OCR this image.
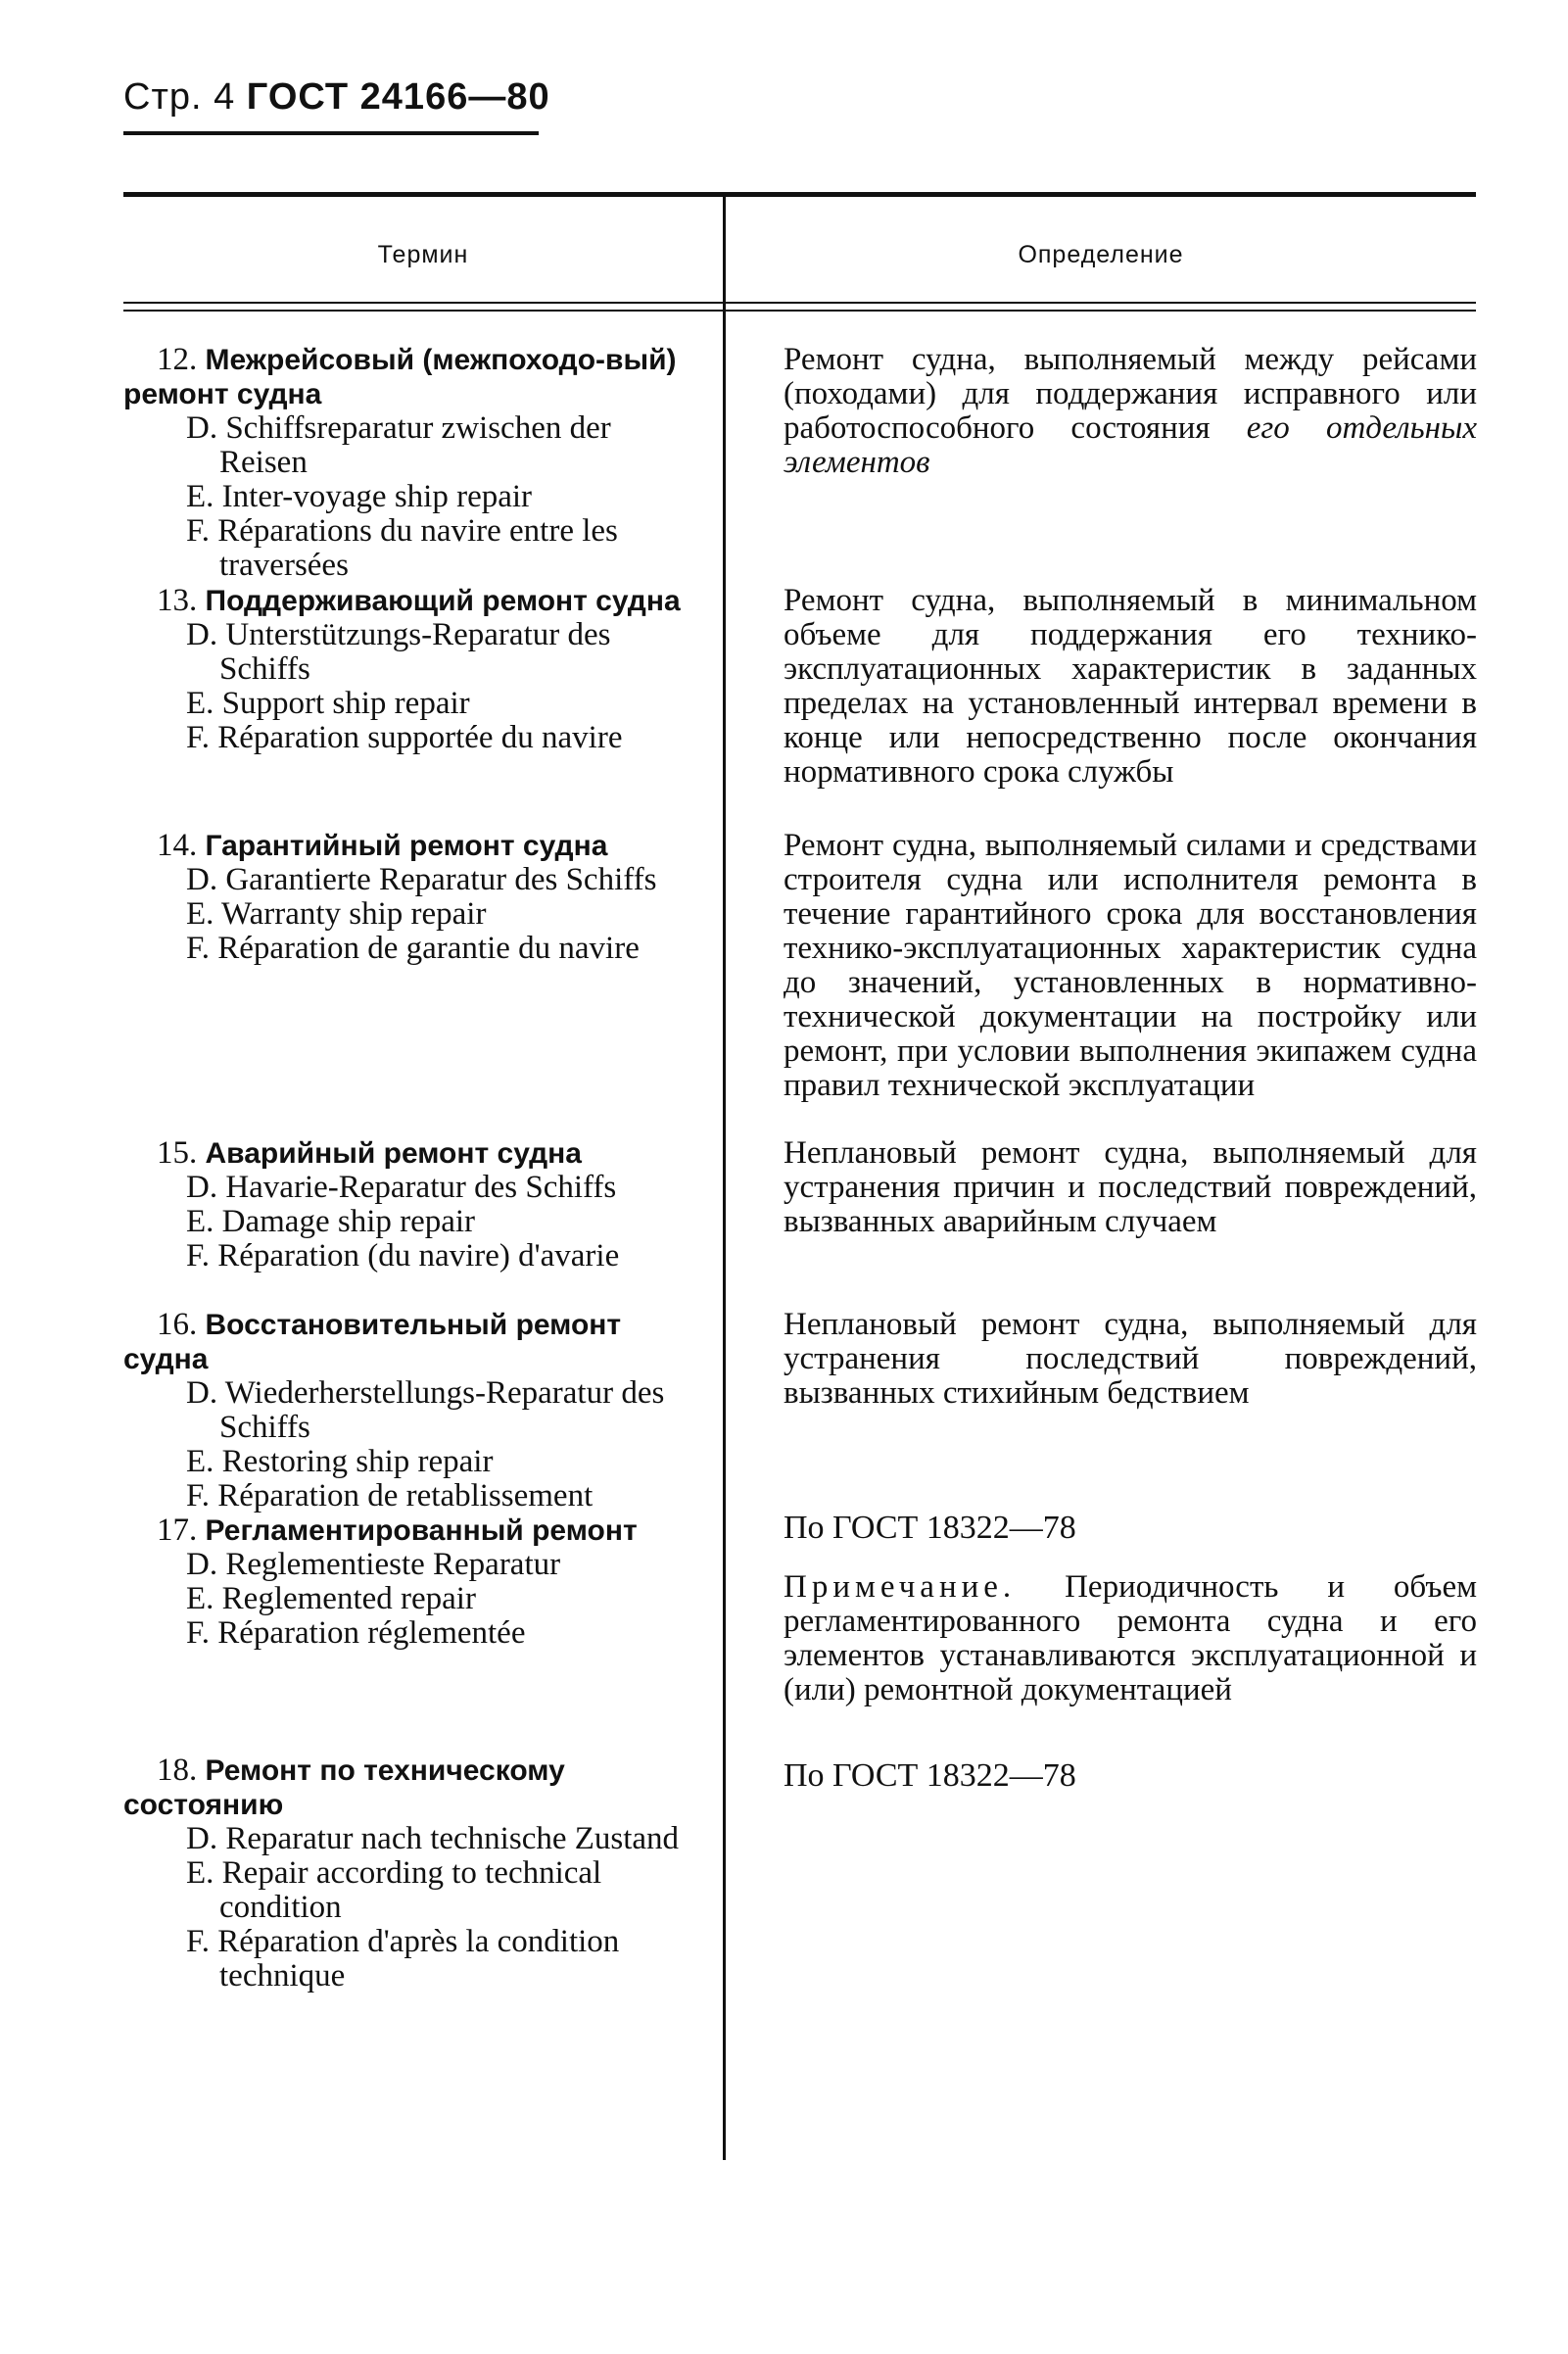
Стр. 4 ГОСТ 24166—80
Термин	Определение
12. Межрейсовый (межпоходо-вый) ремонт судна
D. Schiffsreparatur zwischen der Reisen
E. Inter-voyage ship repair
F. Réparations du navire entre les traversées

Ремонт судна, выполняемый между рейсами (походами) для поддержания исправного или работоспособного состояния его отдельных элементов

13. Поддерживающий ремонт судна
D. Unterstützungs-Reparatur des Schiffs
E. Support ship repair
F. Réparation supportée du navire

Ремонт судна, выполняемый в минимальном объеме для поддержания его технико-эксплуатационных характеристик в заданных пределах на установленный интервал времени в конце или непосредственно после окончания нормативного срока службы

14. Гарантийный ремонт судна
D. Garantierte Reparatur des Schiffs
E. Warranty ship repair
F. Réparation de garantie du navire

Ремонт судна, выполняемый силами и средствами строителя судна или исполнителя ремонта в течение гарантийного срока для восстановления технико-эксплуатационных характеристик судна до значений, установленных в нормативно-технической документации на постройку или ремонт, при условии выполнения экипажем судна правил технической эксплуатации

15. Аварийный ремонт судна
D. Havarie-Reparatur des Schiffs
E. Damage ship repair
F. Réparation (du navire) d'avarie

Неплановый ремонт судна, выполняемый для устранения причин и последствий повреждений, вызванных аварийным случаем

16. Восстановительный ремонт судна
D. Wiederherstellungs-Reparatur des Schiffs
E. Restoring ship repair
F. Réparation de retablissement

Неплановый ремонт судна, выполняемый для устранения последствий повреждений, вызванных стихийным бедствием

17. Регламентированный ремонт
D. Reglementieste Reparatur
E. Reglemented repair
F. Réparation réglementée

По ГОСТ 18322—78

Примечание. Периодичность и объем регламентированного ремонта судна и его элементов устанавливаются эксплуатационной и (или) ремонтной документацией

18. Ремонт по техническому состоянию
D. Reparatur nach technische Zustand
E. Repair according to technical condition
F. Réparation d'après la condition technique

По ГОСТ 18322—78
